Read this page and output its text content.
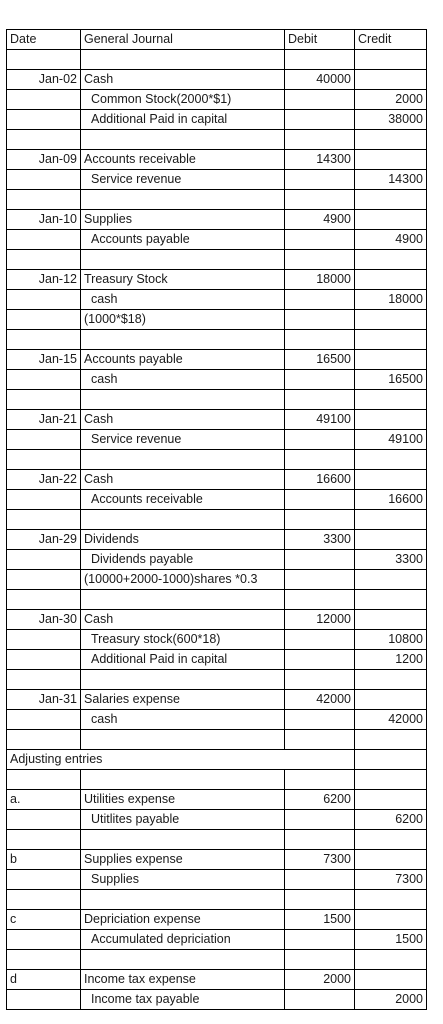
Date	General Journal	Debit	Credit

Jan-02	Cash	40000	
	Common Stock(2000*$1)		2000
	Additional Paid in capital		38000

Jan-09	Accounts receivable	14300	
	Service revenue		14300

Jan-10	Supplies	4900	
	Accounts payable		4900

Jan-12	Treasury Stock	18000	
	cash		18000
	(1000*$18)		

Jan-15	Accounts payable	16500	
	cash		16500

Jan-21	Cash	49100	
	Service revenue		49100

Jan-22	Cash	16600	
	Accounts receivable		16600

Jan-29	Dividends	3300	
	Dividends payable		3300
	(10000+2000-1000)shares *0.3		

Jan-30	Cash	12000	
	Treasury stock(600*18)		10800
	Additional Paid in capital		1200

Jan-31	Salaries expense	42000	
	cash		42000

Adjusting entries			

a.	Utilities expense	6200	
	Utitlites payable		6200

b	Supplies expense	7300	
	Supplies		7300

c	Depriciation expense	1500	
	Accumulated depriciation		1500

d	Income tax expense	2000	
	Income tax payable		2000
